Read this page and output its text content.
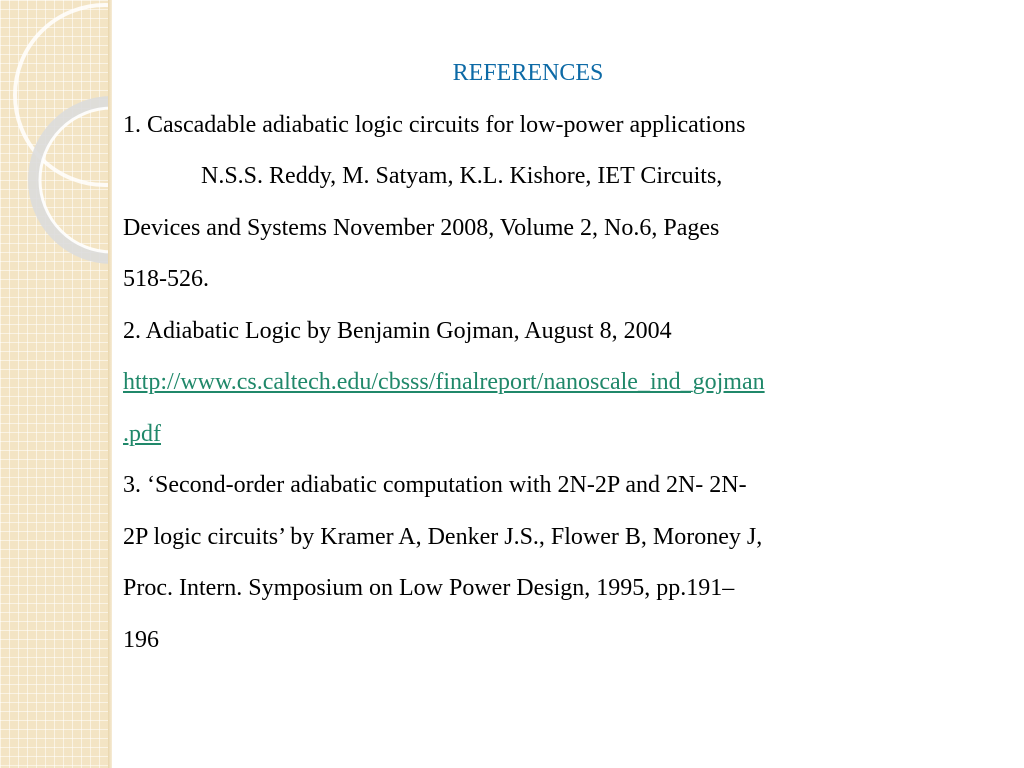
REFERENCES
1. Cascadable adiabatic logic circuits for low-power applications
N.S.S. Reddy, M. Satyam, K.L. Kishore, IET Circuits,
Devices and Systems November 2008, Volume 2, No.6, Pages
518-526.
2. Adiabatic Logic by Benjamin Gojman, August 8, 2004
http://www.cs.caltech.edu/cbsss/finalreport/nanoscale_ind_gojman
.pdf
3. ‘Second-order adiabatic computation with 2N-2P and 2N- 2N-
2P logic circuits’ by Kramer A, Denker J.S., Flower B, Moroney J,
Proc. Intern. Symposium on Low Power Design, 1995, pp.191–
196
